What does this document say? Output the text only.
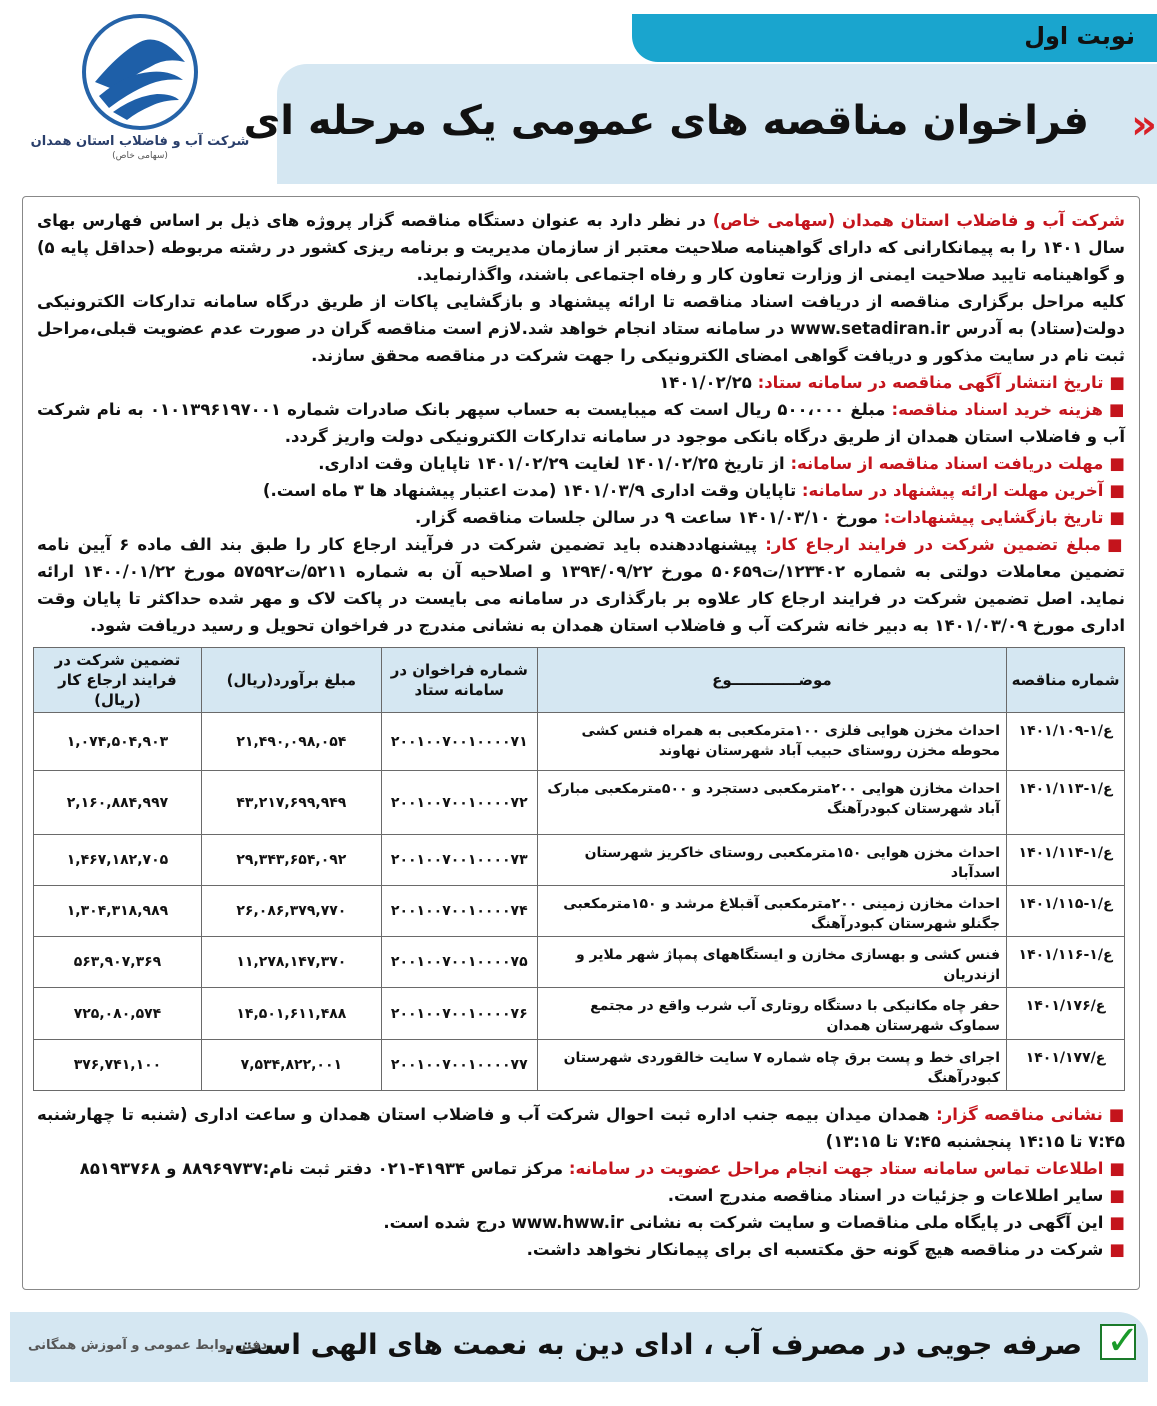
شرکت آب و فاضلاب استان همدان
(سهامی خاص)
نوبت اول
«
فراخوان مناقصه های عمومی یک مرحله ای

شرکت آب و فاضلاب استان همدان (سهامی خاص) در نظر دارد به عنوان دستگاه مناقصه گزار پروژه های ذیل بر اساس فهارس بهای سال ۱۴۰۱ را به پیمانکارانی که دارای گواهینامه صلاحیت معتبر از سازمان مدیریت و برنامه ریزی کشور در رشته مربوطه (حداقل پایه ۵) و گواهینامه تایید صلاحیت ایمنی از وزارت تعاون کار و رفاه اجتماعی باشند، واگذارنماید.

کلیه مراحل برگزاری مناقصه از دریافت اسناد مناقصه تا ارائه پیشنهاد و بازگشایی پاکات از طریق درگاه سامانه تدارکات الکترونیکی دولت(ستاد) به آدرس www.setadiran.ir در سامانه ستاد انجام خواهد شد.لازم است مناقصه گران در صورت عدم عضویت قبلی،مراحل ثبت نام در سایت مذکور و دریافت گواهی امضای الکترونیکی را جهت شرکت در مناقصه محقق سازند.

■تاریخ انتشار آگهی مناقصه در سامانه ستاد: ۱۴۰۱/۰۲/۲۵

■هزینه خرید اسناد مناقصه: مبلغ ۵۰۰،۰۰۰ ریال است که میبایست به حساب سپهر بانک صادرات شماره ۰۱۰۱۳۹۶۱۹۷۰۰۱ به نام شرکت آب و فاضلاب استان همدان از طریق درگاه بانکی موجود در سامانه تدارکات الکترونیکی دولت واریز گردد.

■مهلت دریافت اسناد مناقصه از سامانه: از تاریخ ۱۴۰۱/۰۲/۲۵ لغایت ۱۴۰۱/۰۲/۲۹ تاپایان وقت اداری.

■آخرین مهلت ارائه پیشنهاد در سامانه: تاپایان وقت اداری ۱۴۰۱/۰۳/۹ (مدت اعتبار پیشنهاد ها ۳ ماه است.)

■تاریخ بازگشایی پیشنهادات: مورخ ۱۴۰۱/۰۳/۱۰ ساعت ۹ در سالن جلسات مناقصه گزار.

■مبلغ تضمین شرکت در فرایند ارجاع کار: پیشنهاددهنده باید تضمین شرکت در فرآیند ارجاع کار را طبق بند الف ماده ۶ آیین نامه تضمین معاملات دولتی به شماره ۱۲۳۴۰۲/ت۵۰۶۵۹ مورخ ۱۳۹۴/۰۹/۲۲ و اصلاحیه آن به شماره ۵۲۱۱/ت۵۷۵۹۲ مورخ ۱۴۰۰/۰۱/۲۲ ارائه نماید. اصل تضمین شرکت در فرایند ارجاع کار علاوه بر بارگذاری در سامانه می بایست در پاکت لاک و مهر شده حداکثر تا پایان وقت اداری مورخ ۱۴۰۱/۰۳/۰۹ به دبیر خانه شرکت آب و فاضلاب استان همدان به نشانی مندرج در فراخوان تحویل و رسید دریافت شود.

شماره مناقصه	موضـــــــــــــوع	شماره فراخوان در سامانه ستاد	مبلغ برآورد(ریال)	تضمین شرکت در فرایند ارجاع کار (ریال)
ع/۱-۱۴۰۱/۱۰۹	احداث مخزن هوایی فلزی ۱۰۰مترمکعبی به همراه فنس کشی محوطه مخزن روستای حبیب آباد شهرستان نهاوند	۲۰۰۱۰۰۷۰۰۱۰۰۰۰۷۱	۲۱,۴۹۰,۰۹۸,۰۵۴	۱,۰۷۴,۵۰۴,۹۰۳
ع/۱-۱۴۰۱/۱۱۳	احداث مخازن هوایی ۲۰۰مترمکعبی دستجرد و ۵۰۰مترمکعبی مبارک آباد شهرستان کبودرآهنگ	۲۰۰۱۰۰۷۰۰۱۰۰۰۰۷۲	۴۳,۲۱۷,۶۹۹,۹۴۹	۲,۱۶۰,۸۸۴,۹۹۷
ع/۱-۱۴۰۱/۱۱۴	احداث مخزن هوایی ۱۵۰مترمکعبی روستای خاکریز شهرستان اسدآباد	۲۰۰۱۰۰۷۰۰۱۰۰۰۰۷۳	۲۹,۳۴۳,۶۵۴,۰۹۲	۱,۴۶۷,۱۸۲,۷۰۵
ع/۱-۱۴۰۱/۱۱۵	احداث مخازن زمینی ۲۰۰مترمکعبی آقبلاغ مرشد و ۱۵۰مترمکعبی جگنلو شهرستان کبودرآهنگ	۲۰۰۱۰۰۷۰۰۱۰۰۰۰۷۴	۲۶,۰۸۶,۳۷۹,۷۷۰	۱,۳۰۴,۳۱۸,۹۸۹
ع/۱-۱۴۰۱/۱۱۶	فنس کشی و بهسازی مخازن و ایستگاههای پمپاژ شهر ملایر و ازندریان	۲۰۰۱۰۰۷۰۰۱۰۰۰۰۷۵	۱۱,۲۷۸,۱۴۷,۳۷۰	۵۶۳,۹۰۷,۳۶۹
ع/۱۴۰۱/۱۷۶	حفر چاه مکانیکی با دستگاه روتاری آب شرب واقع در مجتمع سماوک شهرستان همدان	۲۰۰۱۰۰۷۰۰۱۰۰۰۰۷۶	۱۴,۵۰۱,۶۱۱,۴۸۸	۷۲۵,۰۸۰,۵۷۴
ع/۱۴۰۱/۱۷۷	اجرای خط و پست برق چاه شماره ۷ سایت خالقوردی شهرستان کبودرآهنگ	۲۰۰۱۰۰۷۰۰۱۰۰۰۰۷۷	۷,۵۳۴,۸۲۲,۰۰۱	۳۷۶,۷۴۱,۱۰۰

■نشانی مناقصه گزار: همدان میدان بیمه جنب اداره ثبت احوال شرکت آب و فاضلاب استان همدان و ساعت اداری (شنبه تا چهارشنبه ۷:۴۵ تا ۱۴:۱۵ پنجشنبه ۷:۴۵ تا ۱۳:۱۵)

■اطلاعات تماس سامانه ستاد جهت انجام مراحل عضویت در سامانه: مرکز تماس ۴۱۹۳۴-۰۲۱ دفتر ثبت نام:۸۸۹۶۹۷۳۷ و ۸۵۱۹۳۷۶۸

■سایر اطلاعات و جزئیات در اسناد مناقصه مندرج است.

■این آگهی در پایگاه ملی مناقصات و سایت شرکت به نشانی www.hww.ir درج شده است.

■شرکت در مناقصه هیچ گونه حق مکتسبه ای برای پیمانکار نخواهد داشت.

✓
صرفه جویی در مصرف آب ، ادای دین به نعمت های الهی است.
دفتر روابط عمومی و آموزش همگانی
